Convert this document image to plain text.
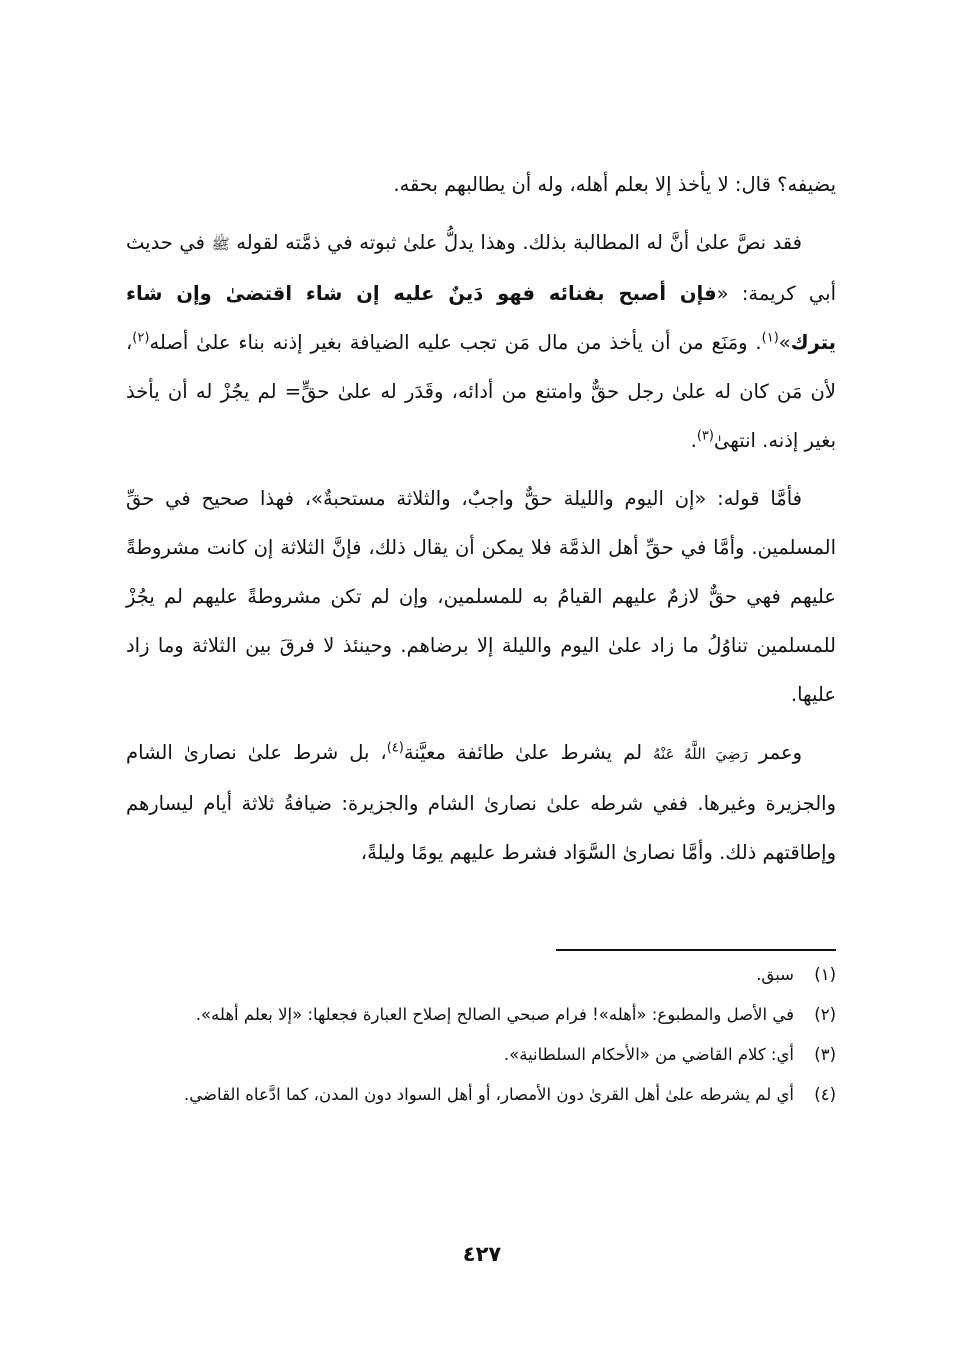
يضيفه؟ قال: لا يأخذ إلا بعلم أهله، وله أن يطالبهم بحقه.

فقد نصَّ علىٰ أنَّ له المطالبة بذلك. وهذا يدلُّ علىٰ ثبوته في ذمَّته لقوله ﷺ في حديث أبي كريمة: «فإن أصبح بفنائه فهو دَينٌ عليه إن شاء اقتضىٰ وإن شاء يترك»$^{(١)}$. ومَنَع من أن يأخذ من مال مَن تجب عليه الضيافة بغير إذنه بناء علىٰ أصله$^{(٢)}$، لأن مَن كان له علىٰ رجل حقٌّ وامتنع من أدائه، وقَدَر له علىٰ حقٍّ= لم يجُزْ له أن يأخذ بغير إذنه. انتهىٰ$^{(٣)}$.

فأمَّا قوله: «إن اليوم والليلة حقٌّ واجبٌ، والثلاثة مستحبةٌ»، فهذا صحيح في حقِّ المسلمين. وأمَّا في حقِّ أهل الذمَّة فلا يمكن أن يقال ذلك، فإنَّ الثلاثة إن كانت مشروطةً عليهم فهي حقٌّ لازمٌ عليهم القيامُ به للمسلمين، وإن لم تكن مشروطةً عليهم لم يجُزْ للمسلمين تناوُلُ ما زاد علىٰ اليوم والليلة إلا برضاهم. وحينئذ لا فرقَ بين الثلاثة وما زاد عليها.

وعمر رَضِيَ اللَّهُ عَنْهُ لم يشرط علىٰ طائفة معيَّنة$^{(٤)}$، بل شرط علىٰ نصارىٰ الشام والجزيرة وغيرها. ففي شرطه علىٰ نصارىٰ الشام والجزيرة: ضيافةُ ثلاثة أيام ليسارهم وإطاقتهم ذلك. وأمَّا نصارىٰ السَّوَاد فشرط عليهم يومًا وليلةً،

(١)
سبق.
(٢)
في الأصل والمطبوع: «أهله»! فرام صبحي الصالح إصلاح العبارة فجعلها: «إلا بعلم أهله».
(٣)
أي: كلام القاضي من «الأحكام السلطانية».
(٤)
أي لم يشرطه علىٰ أهل القرىٰ دون الأمصار، أو أهل السواد دون المدن، كما ادَّعاه القاضي.
٤٢٧
